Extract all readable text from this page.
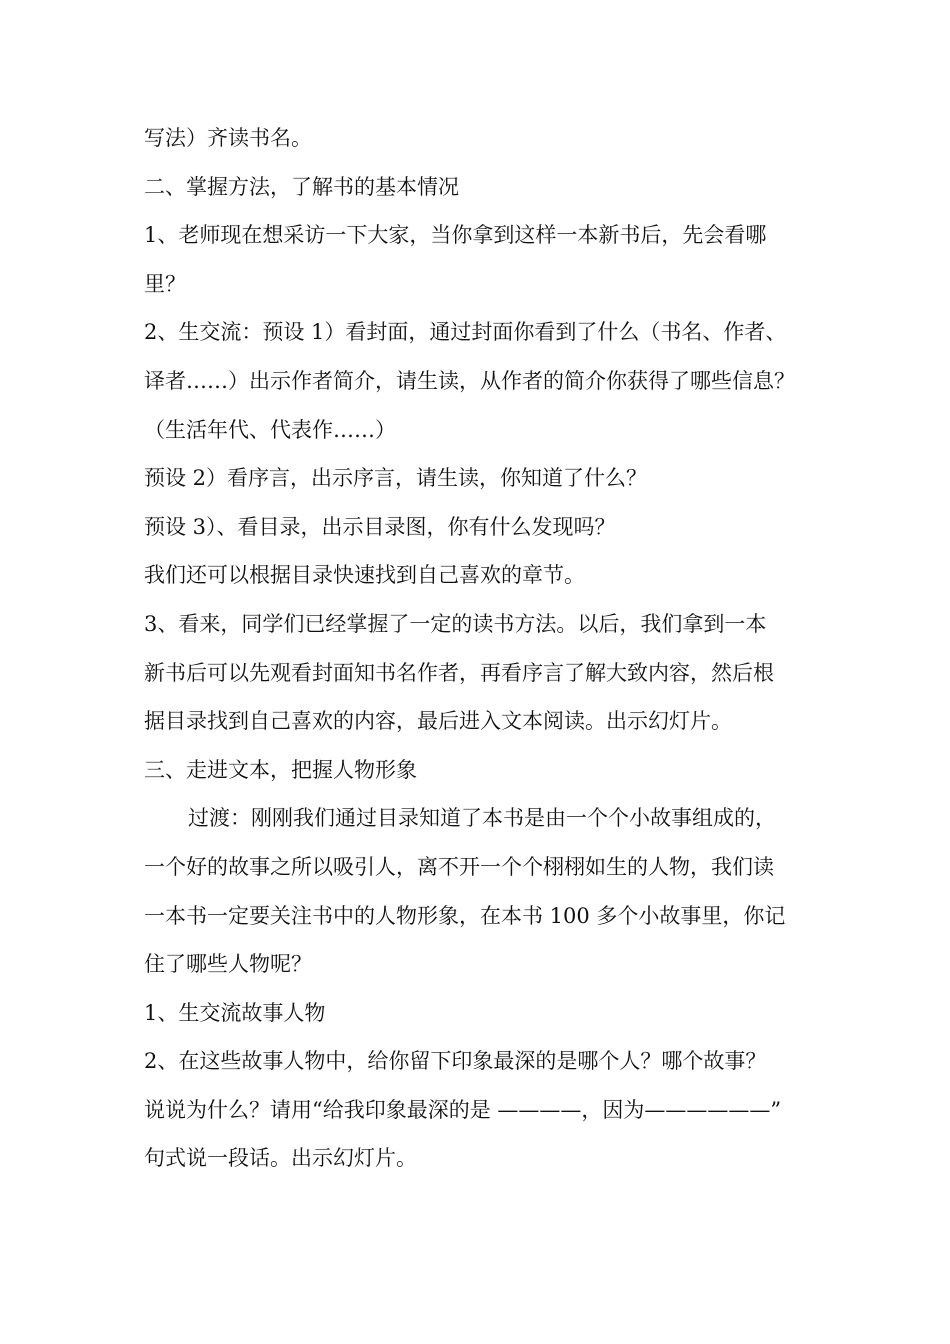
写法）齐读书名。
二、掌握方法，了解书的基本情况
1、老师现在想采访一下大家，当你拿到这样一本新书后，先会看哪
里？
2、生交流：预设 1）看封面，通过封面你看到了什么（书名、作者、
译者……）出示作者简介，请生读，从作者的简介你获得了哪些信息？
（生活年代、代表作……）
预设 2）看序言，出示序言，请生读，你知道了什么？
预设 3）、看目录，出示目录图，你有什么发现吗？
我们还可以根据目录快速找到自己喜欢的章节。
3、看来，同学们已经掌握了一定的读书方法。以后，我们拿到一本
新书后可以先观看封面知书名作者，再看序言了解大致内容，然后根
据目录找到自己喜欢的内容，最后进入文本阅读。出示幻灯片。
三、走进文本，把握人物形象
过渡：刚刚我们通过目录知道了本书是由一个个小故事组成的，
一个好的故事之所以吸引人，离不开一个个栩栩如生的人物，我们读
一本书一定要关注书中的人物形象，在本书 100 多个小故事里，你记
住了哪些人物呢？
1、生交流故事人物
2、在这些故事人物中，给你留下印象最深的是哪个人？哪个故事？
说说为什么？请用“给我印象最深的是 ————，因为——————”
句式说一段话。出示幻灯片。
